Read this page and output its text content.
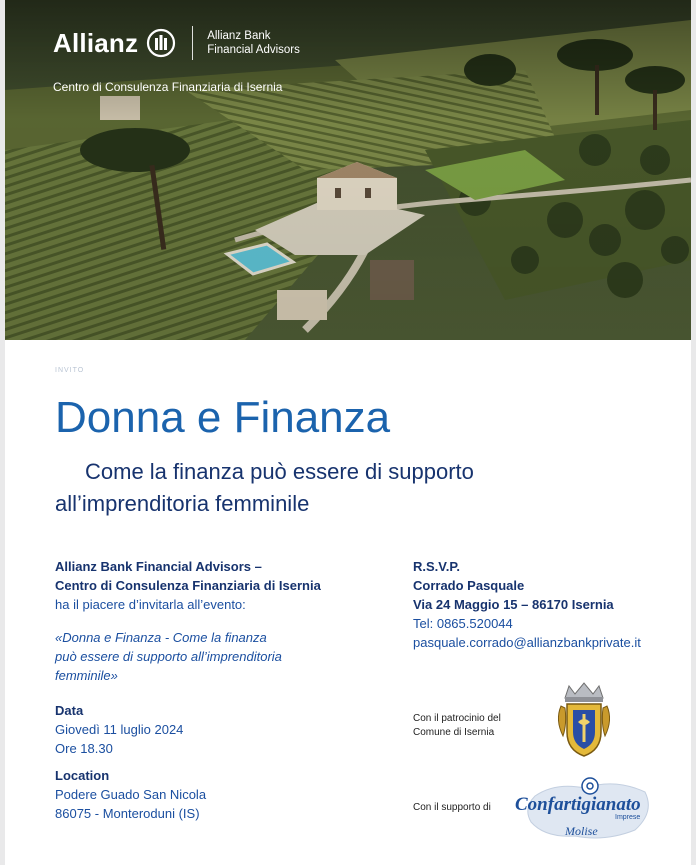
Allianz	Allianz Bank
Financial Advisors
Centro di Consulenza Finanziaria di Isernia
INVITO
Donna e Finanza
Come la finanza può essere di supporto
all’imprenditoria femminile
Allianz Bank Financial Advisors –
Centro di Consulenza Finanziaria di Isernia
ha il piacere d’invitarla all’evento:
«Donna e Finanza - Come la finanza
può essere di supporto all’imprenditoria
femminile»
Data
Giovedì 11 luglio 2024
Ore 18.30
Location
Podere Guado San Nicola
86075 - Monteroduni (IS)
R.S.V.P.
Corrado Pasquale
Via 24 Maggio 15 – 86170 Isernia
Tel: 0865.520044
pasquale.corrado@allianzbankprivate.it
Con il patrocinio del
Comune di Isernia
Con il supporto di Confartigianato
Imprese
Molise
